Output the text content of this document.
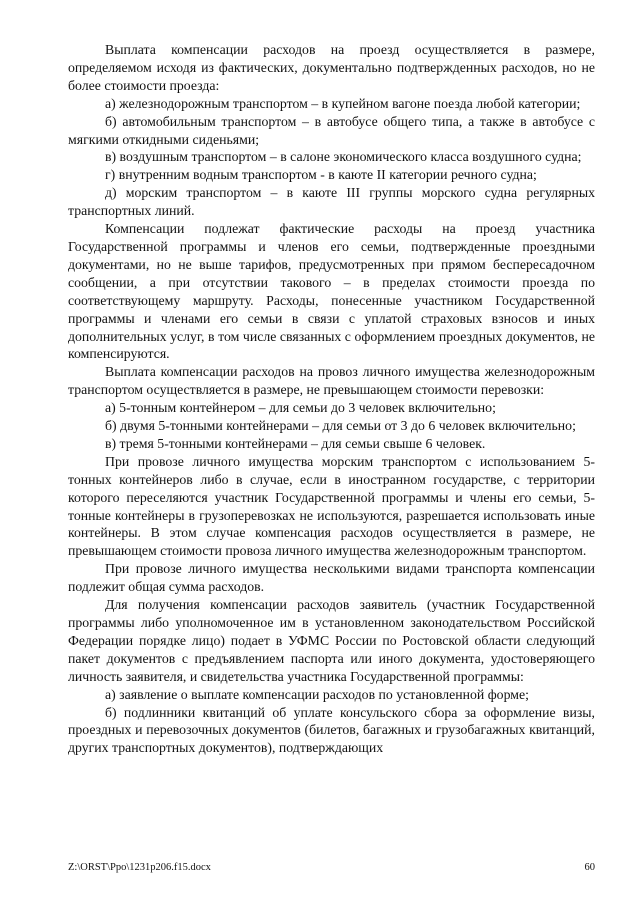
Выплата компенсации расходов на проезд осуществляется в размере, определяемом исходя из фактических, документально подтвержденных расходов, но не более стоимости проезда:

а) железнодорожным транспортом – в купейном вагоне поезда любой категории;

б) автомобильным транспортом – в автобусе общего типа, а также в автобусе с мягкими откидными сиденьями;

в) воздушным транспортом – в салоне экономического класса воздушного судна;

г) внутренним водным транспортом - в каюте II категории речного судна;

д) морским транспортом – в каюте III группы морского судна регулярных транспортных линий.

Компенсации подлежат фактические расходы на проезд участника Государственной программы и членов его семьи, подтвержденные проездными документами, но не выше тарифов, предусмотренных при прямом беспересадочном сообщении, а при отсутствии такового – в пределах стоимости проезда по соответствующему маршруту. Расходы, понесенные участником Государственной программы и членами его семьи в связи с уплатой страховых взносов и иных дополнительных услуг, в том числе связанных с оформлением проездных документов, не компенсируются.

Выплата компенсации расходов на провоз личного имущества железнодорожным транспортом осуществляется в размере, не превышающем стоимости перевозки:

а) 5-тонным контейнером – для семьи до 3 человек включительно;

б) двумя 5-тонными контейнерами – для семьи от 3 до 6 человек включительно;

в) тремя 5-тонными контейнерами – для семьи свыше 6 человек.

При провозе личного имущества морским транспортом с использованием 5-тонных контейнеров либо в случае, если в иностранном государстве, с территории которого переселяются участник Государственной программы и члены его семьи, 5-тонные контейнеры в грузоперевозках не используются, разрешается использовать иные контейнеры. В этом случае компенсация расходов осуществляется в размере, не превышающем стоимости провоза личного имущества железнодорожным транспортом.

При провозе личного имущества несколькими видами транспорта компенсации подлежит общая сумма расходов.

Для получения компенсации расходов заявитель (участник Государственной программы либо уполномоченное им в установленном законодательством Российской Федерации порядке лицо) подает в УФМС России по Ростовской области следующий пакет документов с предъявлением паспорта или иного документа, удостоверяющего личность заявителя, и свидетельства участника Государственной программы:

а) заявление о выплате компенсации расходов по установленной форме;

б) подлинники квитанций об уплате консульского сбора за оформление визы, проездных и перевозочных документов (билетов, багажных и грузобагажных квитанций, других транспортных документов), подтверждающих

Z:\ORST\Ppo\1231p206.f15.docx	60
